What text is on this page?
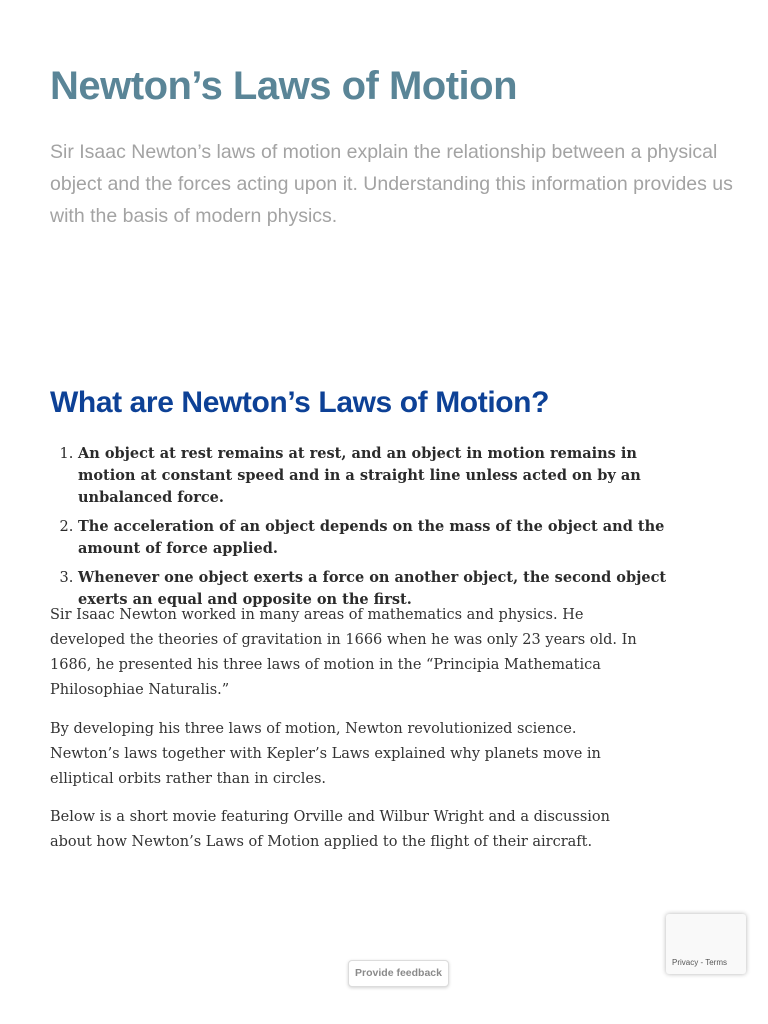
Newton’s Laws of Motion

Sir Isaac Newton’s laws of motion explain the relationship between a physical object and the forces acting upon it. Understanding this information provides us with the basis of modern physics.

What are Newton’s Laws of Motion?
1. An object at rest remains at rest, and an object in motion remains in motion at constant speed and in a straight line unless acted on by an unbalanced force.
2. The acceleration of an object depends on the mass of the object and the amount of force applied.
3. Whenever one object exerts a force on another object, the second object exerts an equal and opposite on the first.

Sir Isaac Newton worked in many areas of mathematics and physics. He developed the theories of gravitation in 1666 when he was only 23 years old. In 1686, he presented his three laws of motion in the “Principia Mathematica Philosophiae Naturalis.”

By developing his three laws of motion, Newton revolutionized science. Newton’s laws together with Kepler’s Laws explained why planets move in elliptical orbits rather than in circles.

Below is a short movie featuring Orville and Wilbur Wright and a discussion about how Newton’s Laws of Motion applied to the flight of their aircraft.

Provide feedback
Privacy - Terms
